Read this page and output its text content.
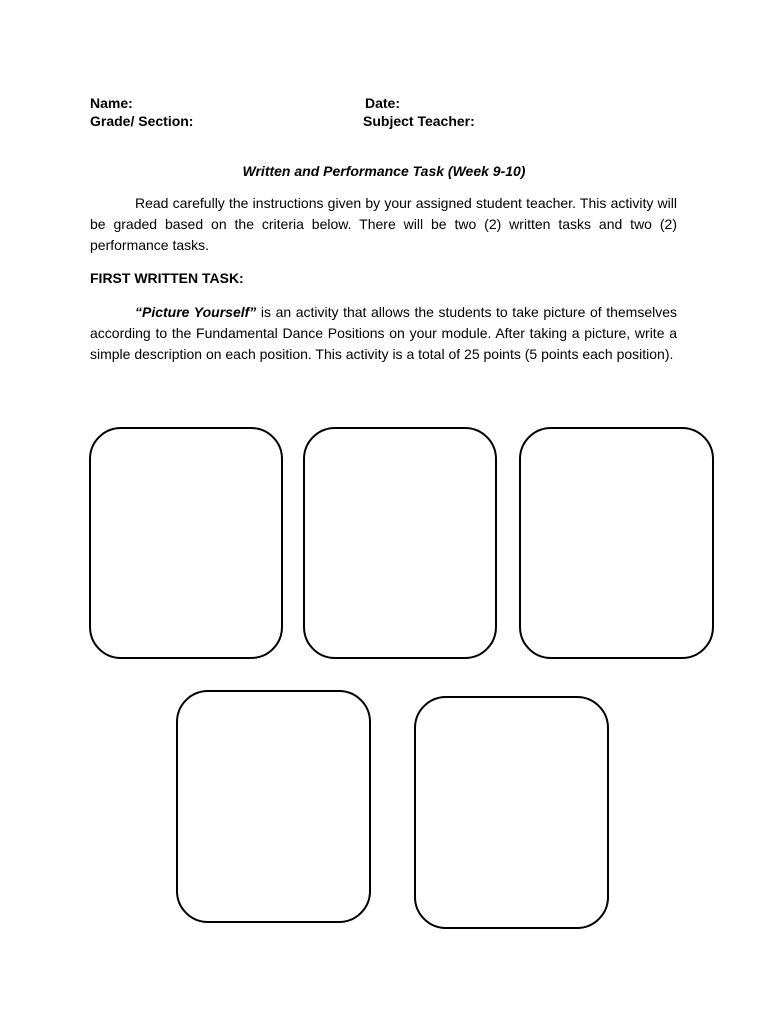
Name:	Date:
Grade/ Section:	Subject Teacher:
Written and Performance Task (Week 9-10)
Read carefully the instructions given by your assigned student teacher. This activity will be graded based on the criteria below. There will be two (2) written tasks and two (2) performance tasks.
FIRST WRITTEN TASK:
“Picture Yourself” is an activity that allows the students to take picture of themselves according to the Fundamental Dance Positions on your module. After taking a picture, write a simple description on each position. This activity is a total of 25 points (5 points each position).
